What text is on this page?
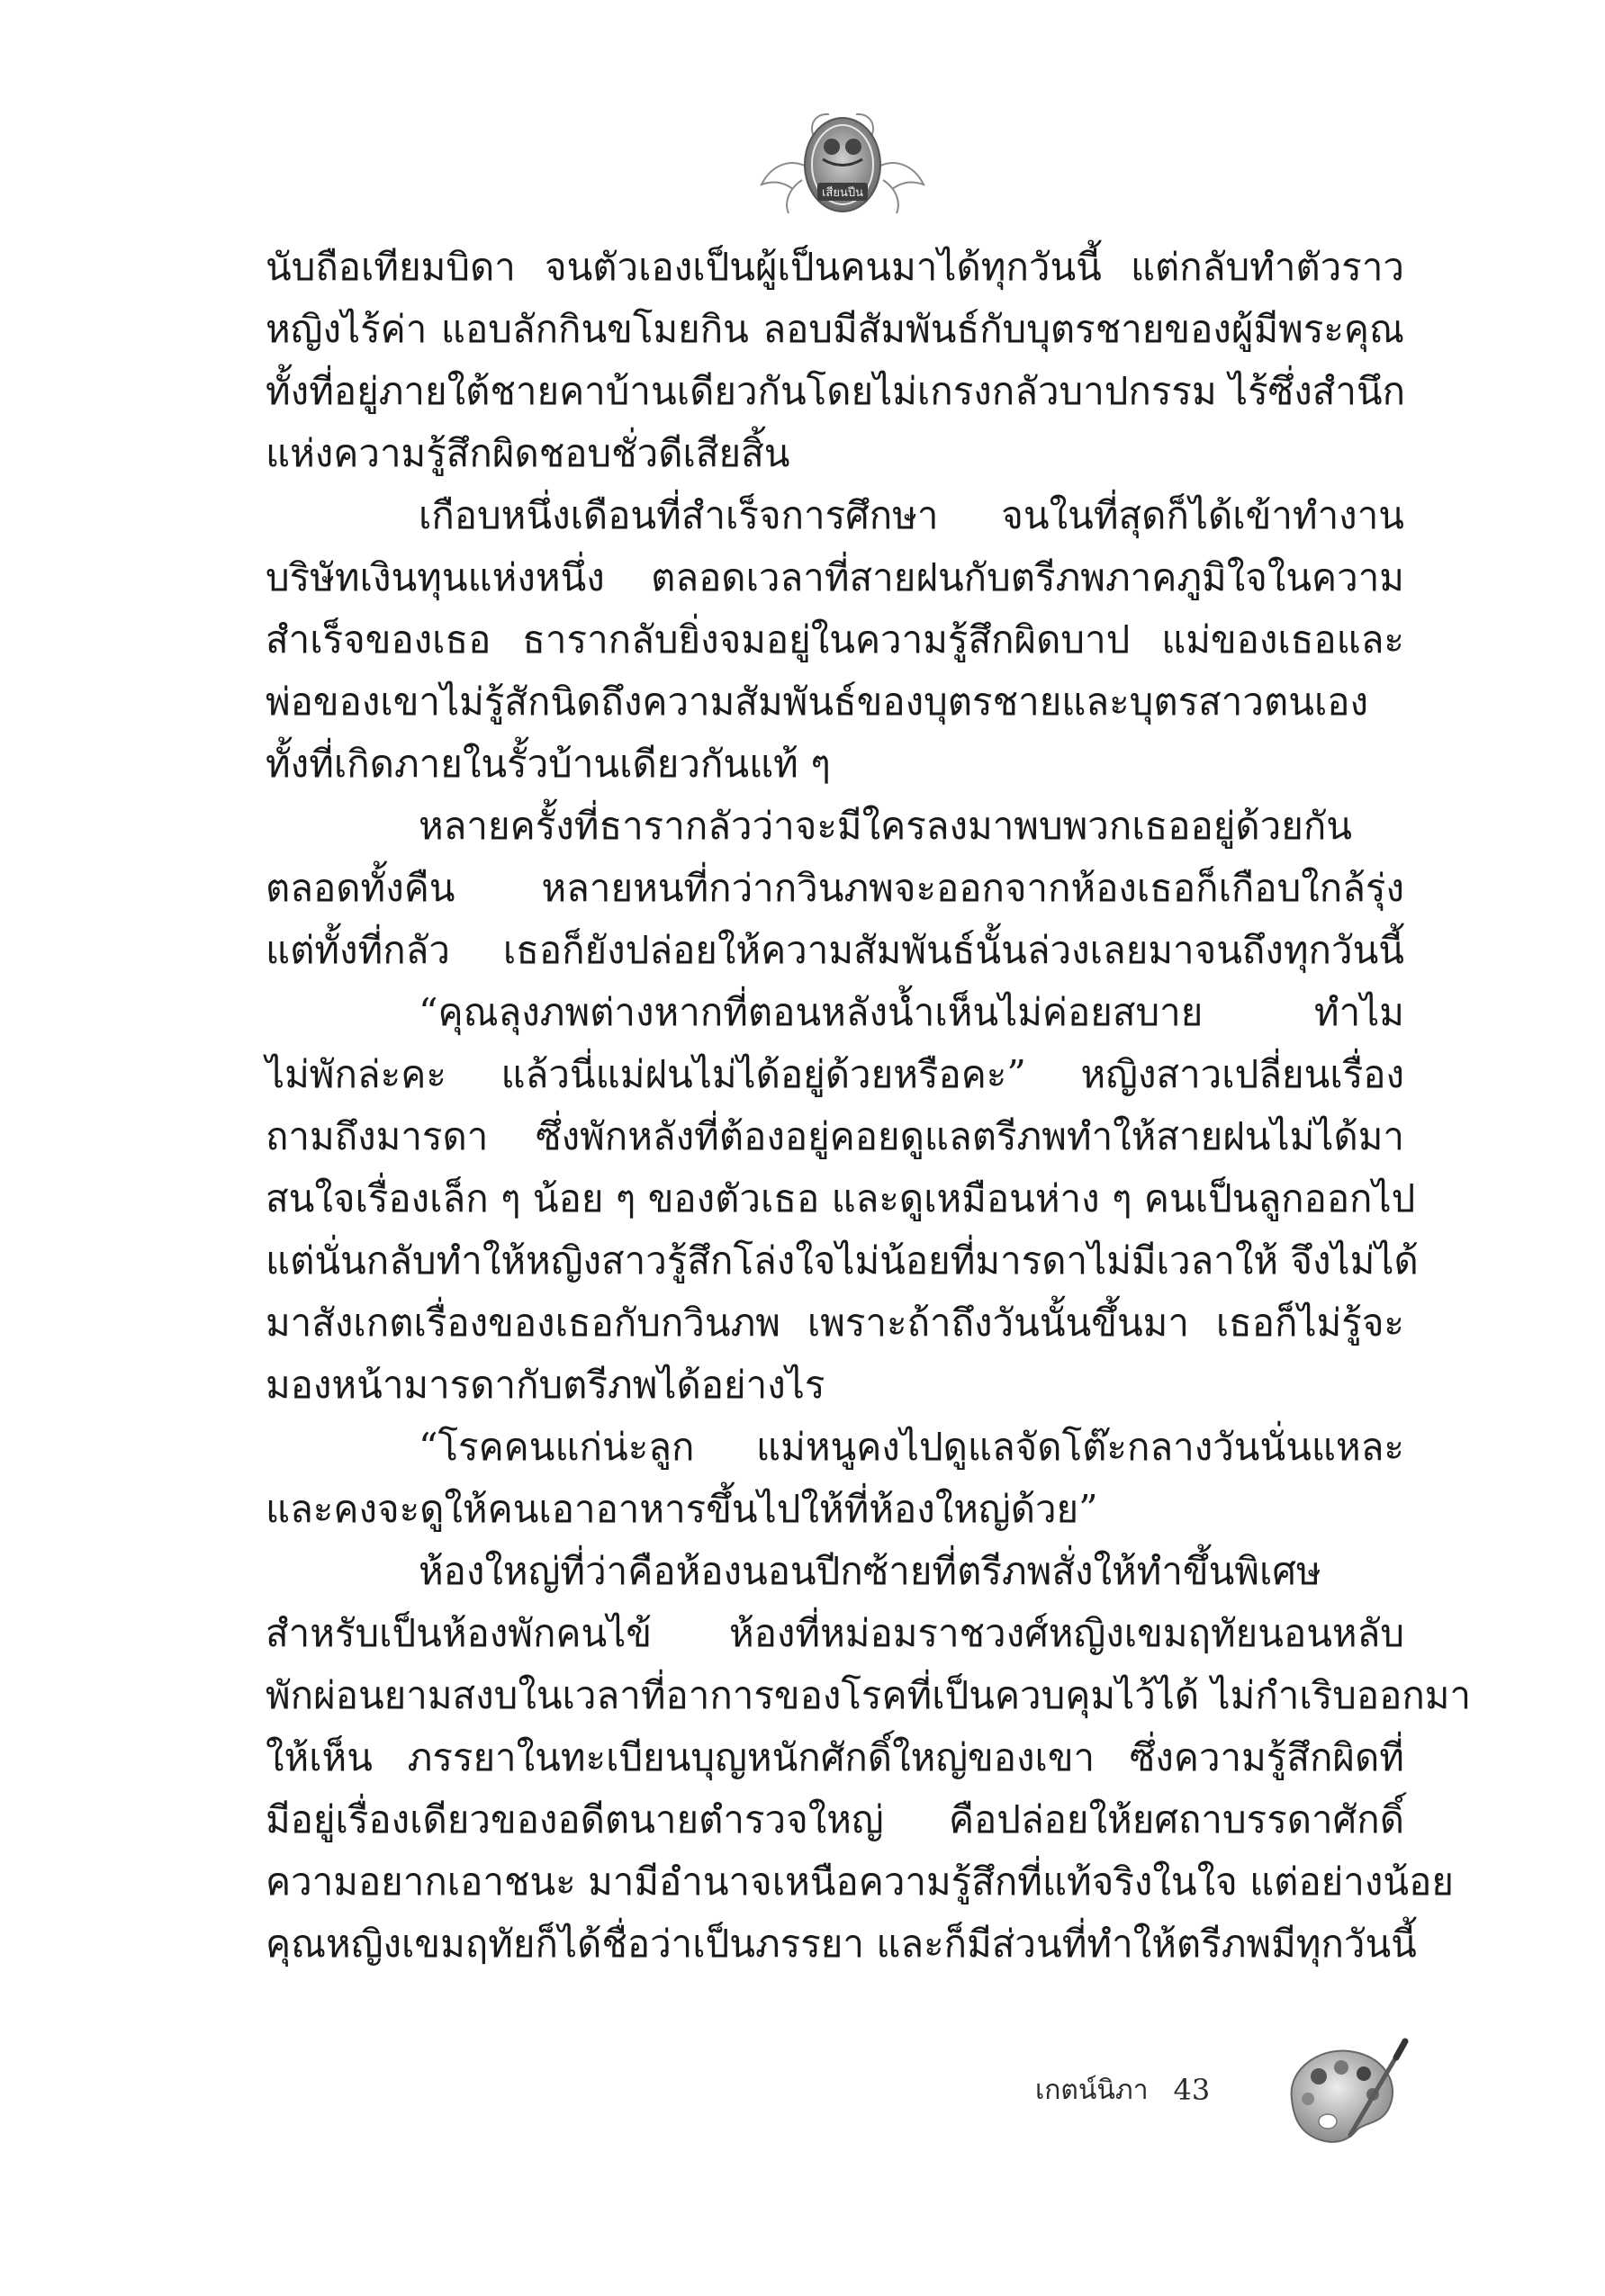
เสียนปีน
นับถือเทียมบิดา จนตัวเองเป็นผู้เป็นคนมาได้ทุกวันนี้ แต่กลับทำตัวราว
หญิงไร้ค่า แอบลักกินขโมยกิน ลอบมีสัมพันธ์กับบุตรชายของผู้มีพระคุณ
ทั้งที่อยู่ภายใต้ชายคาบ้านเดียวกันโดยไม่เกรงกลัวบาปกรรม ไร้ซึ่งสำนึก
แห่งความรู้สึกผิดชอบชั่วดีเสียสิ้น
เกือบหนึ่งเดือนที่สำเร็จการศึกษา จนในที่สุดก็ได้เข้าทำงาน
บริษัทเงินทุนแห่งหนึ่ง ตลอดเวลาที่สายฝนกับตรีภพภาคภูมิใจในความ
สำเร็จของเธอ ธารากลับยิ่งจมอยู่ในความรู้สึกผิดบาป แม่ของเธอและ
พ่อของเขาไม่รู้สักนิดถึงความสัมพันธ์ของบุตรชายและบุตรสาวตนเอง
ทั้งที่เกิดภายในรั้วบ้านเดียวกันแท้ ๆ
หลายครั้งที่ธารากลัวว่าจะมีใครลงมาพบพวกเธออยู่ด้วยกัน
ตลอดทั้งคืน หลายหนที่กว่ากวินภพจะออกจากห้องเธอก็เกือบใกล้รุ่ง
แต่ทั้งที่กลัว เธอก็ยังปล่อยให้ความสัมพันธ์นั้นล่วงเลยมาจนถึงทุกวันนี้
“คุณลุงภพต่างหากที่ตอนหลังน้ำเห็นไม่ค่อยสบาย ทำไม
ไม่พักล่ะคะ แล้วนี่แม่ฝนไม่ได้อยู่ด้วยหรือคะ” หญิงสาวเปลี่ยนเรื่อง
ถามถึงมารดา ซึ่งพักหลังที่ต้องอยู่คอยดูแลตรีภพทำให้สายฝนไม่ได้มา
สนใจเรื่องเล็ก ๆ น้อย ๆ ของตัวเธอ และดูเหมือนห่าง ๆ คนเป็นลูกออกไป
แต่นั่นกลับทำให้หญิงสาวรู้สึกโล่งใจไม่น้อยที่มารดาไม่มีเวลาให้ จึงไม่ได้
มาสังเกตเรื่องของเธอกับกวินภพ เพราะถ้าถึงวันนั้นขึ้นมา เธอก็ไม่รู้จะ
มองหน้ามารดากับตรีภพได้อย่างไร
“โรคคนแก่น่ะลูก แม่หนูคงไปดูแลจัดโต๊ะกลางวันนั่นแหละ
และคงจะดูให้คนเอาอาหารขึ้นไปให้ที่ห้องใหญ่ด้วย”
ห้องใหญ่ที่ว่าคือห้องนอนปีกซ้ายที่ตรีภพสั่งให้ทำขึ้นพิเศษ
สำหรับเป็นห้องพักคนไข้ ห้องที่หม่อมราชวงศ์หญิงเขมฤทัยนอนหลับ
พักผ่อนยามสงบในเวลาที่อาการของโรคที่เป็นควบคุมไว้ได้ ไม่กำเริบออกมา
ให้เห็น ภรรยาในทะเบียนบุญหนักศักดิ์ใหญ่ของเขา ซึ่งความรู้สึกผิดที่
มีอยู่เรื่องเดียวของอดีตนายตำรวจใหญ่ คือปล่อยให้ยศถาบรรดาศักดิ์
ความอยากเอาชนะ มามีอำนาจเหนือความรู้สึกที่แท้จริงในใจ แต่อย่างน้อย
คุณหญิงเขมฤทัยก็ได้ชื่อว่าเป็นภรรยา และก็มีส่วนที่ทำให้ตรีภพมีทุกวันนี้
เกตน์นิภา 43
